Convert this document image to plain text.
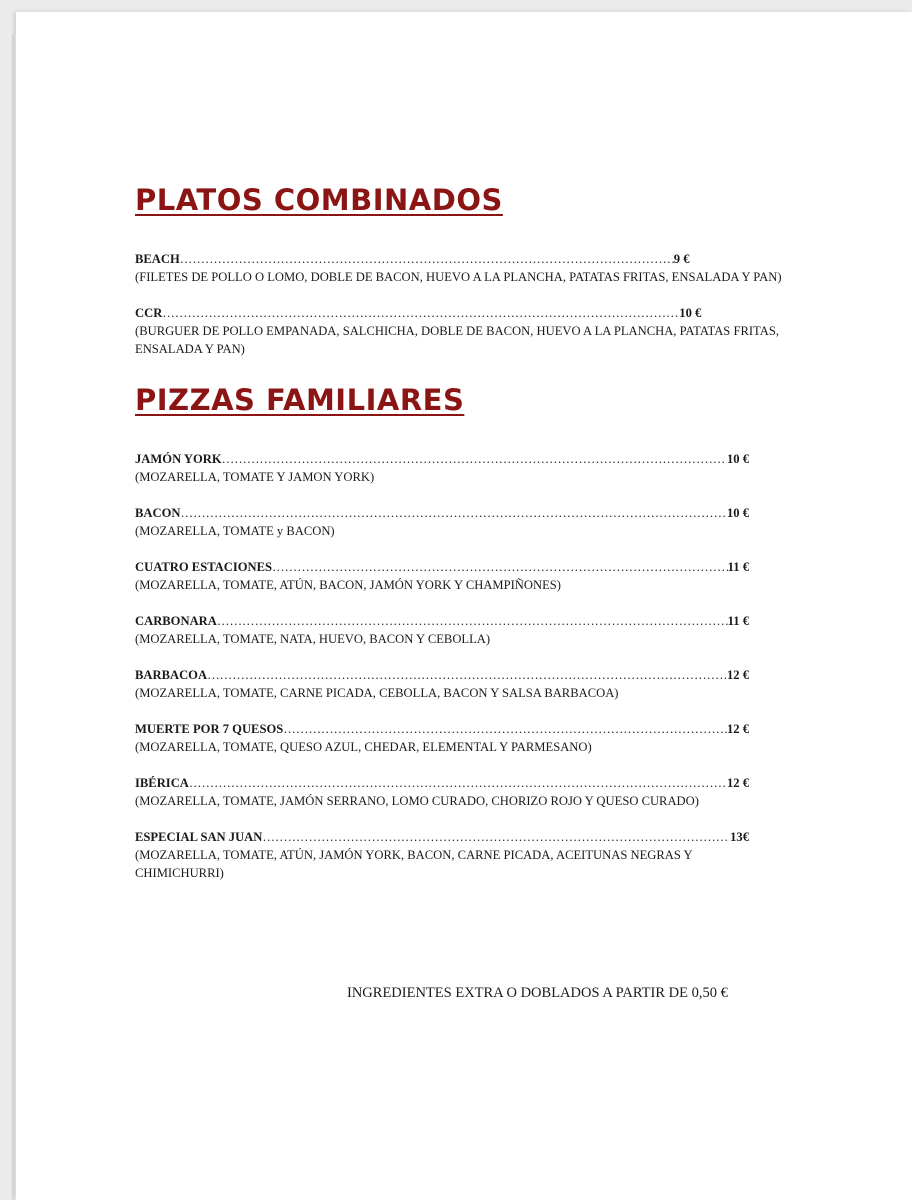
PLATOS COMBINADOS
BEACH ……………………………………………………………………………………………………………………………………………………………………………………………………	9 €

(FILETES DE POLLO O LOMO, DOBLE DE BACON, HUEVO A LA PLANCHA, PATATAS FRITAS, ENSALADA Y PAN)

CCR ……………………………………………………………………………………………………………………………………………………………………………………………………	10 €

(BURGUER DE POLLO EMPANADA, SALCHICHA, DOBLE DE BACON, HUEVO A LA PLANCHA, PATATAS FRITAS, ENSALADA Y PAN)

PIZZAS FAMILIARES
JAMÓN YORK ……………………………………………………………………………………………………………………………………………………………………………………………………	10 €

(MOZARELLA, TOMATE Y JAMON YORK)

BACON ……………………………………………………………………………………………………………………………………………………………………………………………………	10 €

(MOZARELLA, TOMATE y BACON)

CUATRO ESTACIONES ……………………………………………………………………………………………………………………………………………………………………………………………………	11 €

(MOZARELLA, TOMATE, ATÚN, BACON, JAMÓN YORK Y CHAMPIÑONES)

CARBONARA ……………………………………………………………………………………………………………………………………………………………………………………………………	11 €

(MOZARELLA, TOMATE, NATA, HUEVO, BACON Y CEBOLLA)

BARBACOA ……………………………………………………………………………………………………………………………………………………………………………………………………	12 €

(MOZARELLA, TOMATE, CARNE PICADA, CEBOLLA, BACON Y SALSA BARBACOA)

MUERTE POR 7 QUESOS ……………………………………………………………………………………………………………………………………………………………………………………………………	12 €

(MOZARELLA, TOMATE, QUESO AZUL, CHEDAR, ELEMENTAL Y PARMESANO)

IBÉRICA ……………………………………………………………………………………………………………………………………………………………………………………………………	12 €

(MOZARELLA, TOMATE, JAMÓN SERRANO, LOMO CURADO, CHORIZO ROJO Y QUESO CURADO)

ESPECIAL SAN JUAN ……………………………………………………………………………………………………………………………………………………………………………………………………	13€

(MOZARELLA, TOMATE, ATÚN, JAMÓN YORK, BACON, CARNE PICADA, ACEITUNAS NEGRAS Y CHIMICHURRI)

INGREDIENTES EXTRA O DOBLADOS A PARTIR DE 0,50 €
